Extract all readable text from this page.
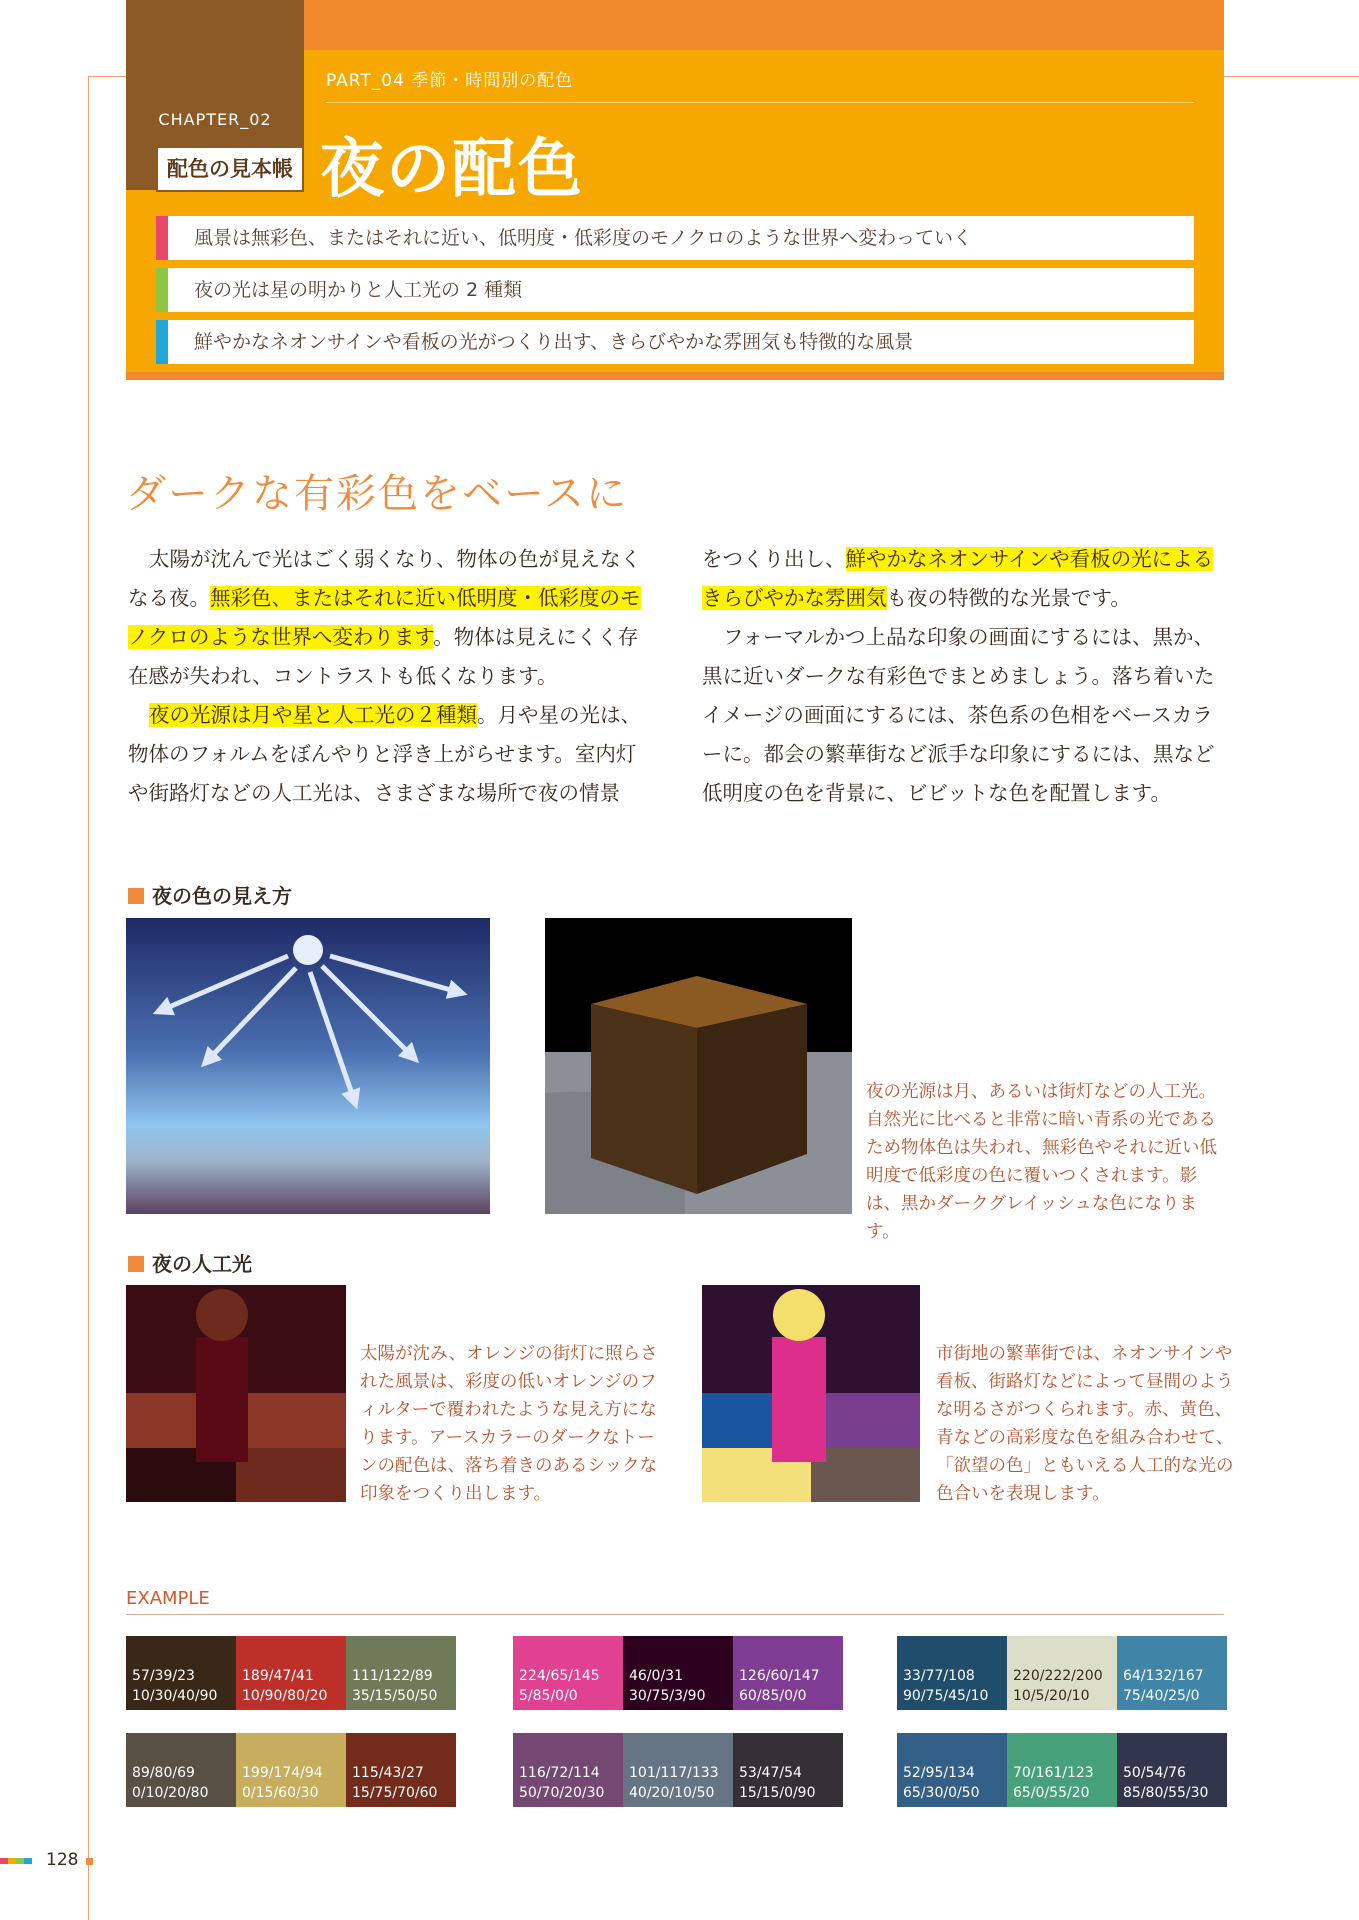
CHAPTER_02
配色の見本帳
PART_04 季節・時間別の配色
夜の配色
風景は無彩色、またはそれに近い、低明度・低彩度のモノクロのような世界へ変わっていく
夜の光は星の明かりと人工光の 2 種類
鮮やかなネオンサインや看板の光がつくり出す、きらびやかな雰囲気も特徴的な風景
ダークな有彩色をベースに

太陽が沈んで光はごく弱くなり、物体の色が見えなくなる夜。無彩色、またはそれに近い低明度・低彩度のモノクロのような世界へ変わります。物体は見えにくく存在感が失われ、コントラストも低くなります。

夜の光源は月や星と人工光の２種類。月や星の光は、物体のフォルムをぼんやりと浮き上がらせます。室内灯や街路灯などの人工光は、さまざまな場所で夜の情景

をつくり出し、鮮やかなネオンサインや看板の光によるきらびやかな雰囲気も夜の特徴的な光景です。

フォーマルかつ上品な印象の画面にするには、黒か、黒に近いダークな有彩色でまとめましょう。落ち着いたイメージの画面にするには、茶色系の色相をベースカラーに。都会の繁華街など派手な印象にするには、黒など低明度の色を背景に、ビビットな色を配置します。

夜の色の見え方
夜の光源は月、あるいは街灯などの人工光。自然光に比べると非常に暗い青系の光であるため物体色は失われ、無彩色やそれに近い低明度で低彩度の色に覆いつくされます。影は、黒かダークグレイッシュな色になります。
夜の人工光
太陽が沈み、オレンジの街灯に照らされた風景は、彩度の低いオレンジのフィルターで覆われたような見え方になります。アースカラーのダークなトーンの配色は、落ち着きのあるシックな印象をつくり出します。
市街地の繁華街では、ネオンサインや看板、街路灯などによって昼間のような明るさがつくられます。赤、黄色、青などの高彩度な色を組み合わせて、「欲望の色」ともいえる人工的な光の色合いを表現します。
EXAMPLE
57/39/23
10/30/40/90
189/47/41
10/90/80/20
111/122/89
35/15/50/50
89/80/69
0/10/20/80
199/174/94
0/15/60/30
115/43/27
15/75/70/60
224/65/145
5/85/0/0
46/0/31
30/75/3/90
126/60/147
60/85/0/0
116/72/114
50/70/20/30
101/117/133
40/20/10/50
53/47/54
15/15/0/90
33/77/108
90/75/45/10
220/222/200
10/5/20/10
64/132/167
75/40/25/0
52/95/134
65/30/0/50
70/161/123
65/0/55/20
50/54/76
85/80/55/30
128
